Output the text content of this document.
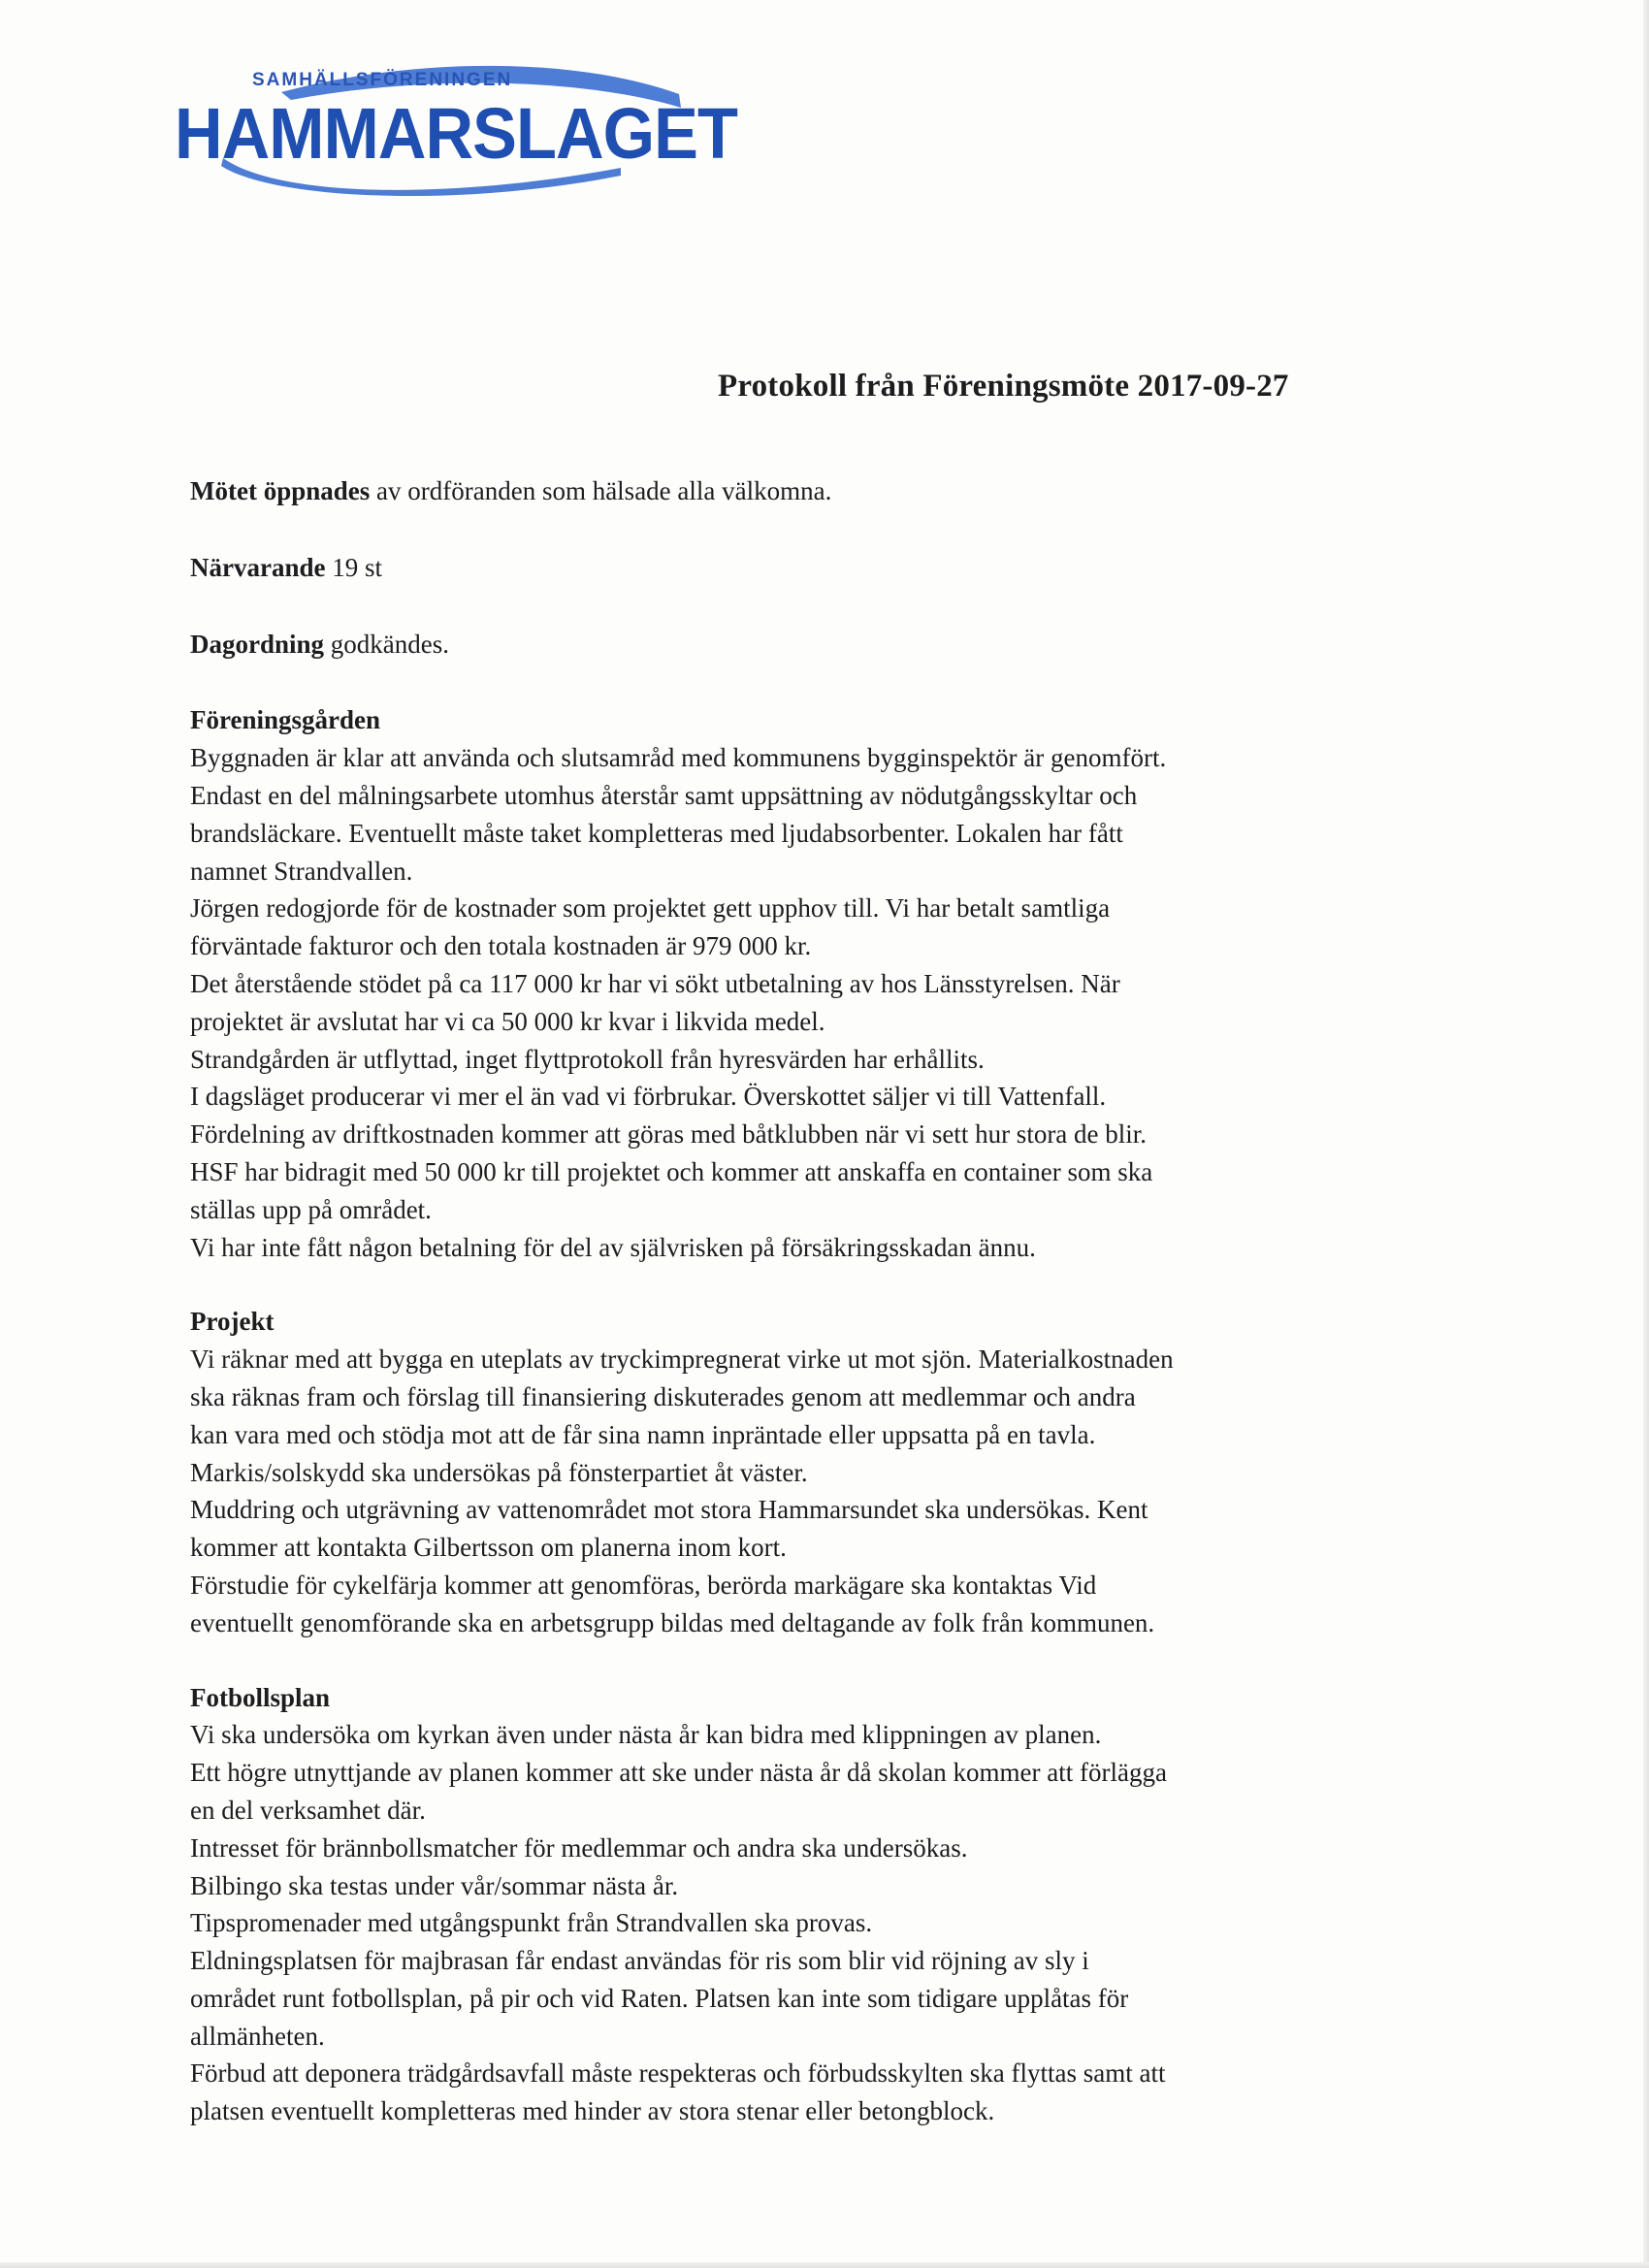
SAMHÄLLSFÖRENINGEN
HAMMARSLAGET
Protokoll från Föreningsmöte 2017-09-27

Mötet öppnades av ordföranden som hälsade alla välkomna.

Närvarande 19 st

Dagordning godkändes.

Föreningsgården

Byggnaden är klar att använda och slutsamråd med kommunens bygginspektör är genomfört.

Endast en del målningsarbete utomhus återstår samt uppsättning av nödutgångsskyltar och

brandsläckare. Eventuellt måste taket kompletteras med ljudabsorbenter. Lokalen har fått

namnet Strandvallen.

Jörgen redogjorde för de kostnader som projektet gett upphov till. Vi har betalt samtliga

förväntade fakturor och den totala kostnaden är 979 000 kr.

Det återstående stödet på ca 117 000 kr har vi sökt utbetalning av hos Länsstyrelsen. När

projektet är avslutat har vi ca 50 000 kr kvar i likvida medel.

Strandgården är utflyttad, inget flyttprotokoll från hyresvärden har erhållits.

I dagsläget producerar vi mer el än vad vi förbrukar. Överskottet säljer vi till Vattenfall.

Fördelning av driftkostnaden kommer att göras med båtklubben när vi sett hur stora de blir.

HSF har bidragit med 50 000 kr till projektet och kommer att anskaffa en container som ska

ställas upp på området.

Vi har inte fått någon betalning för del av självrisken på försäkringsskadan ännu.

Projekt

Vi räknar med att bygga en uteplats av tryckimpregnerat virke ut mot sjön. Materialkostnaden

ska räknas fram och förslag till finansiering diskuterades genom att medlemmar och andra

kan vara med och stödja mot att de får sina namn inpräntade eller uppsatta på en tavla.

Markis/solskydd ska undersökas på fönsterpartiet åt väster.

Muddring och utgrävning av vattenområdet mot stora Hammarsundet ska undersökas. Kent

kommer att kontakta Gilbertsson om planerna inom kort.

Förstudie för cykelfärja kommer att genomföras, berörda markägare ska kontaktas Vid

eventuellt genomförande ska en arbetsgrupp bildas med deltagande av folk från kommunen.

Fotbollsplan

Vi ska undersöka om kyrkan även under nästa år kan bidra med klippningen av planen.

Ett högre utnyttjande av planen kommer att ske under nästa år då skolan kommer att förlägga

en del verksamhet där.

Intresset för brännbollsmatcher för medlemmar och andra ska undersökas.

Bilbingo ska testas under vår/sommar nästa år.

Tipspromenader med utgångspunkt från Strandvallen ska provas.

Eldningsplatsen för majbrasan får endast användas för ris som blir vid röjning av sly i

området runt fotbollsplan, på pir och vid Raten. Platsen kan inte som tidigare upplåtas för

allmänheten.

Förbud att deponera trädgårdsavfall måste respekteras och förbudsskylten ska flyttas samt att

platsen eventuellt kompletteras med hinder av stora stenar eller betongblock.
